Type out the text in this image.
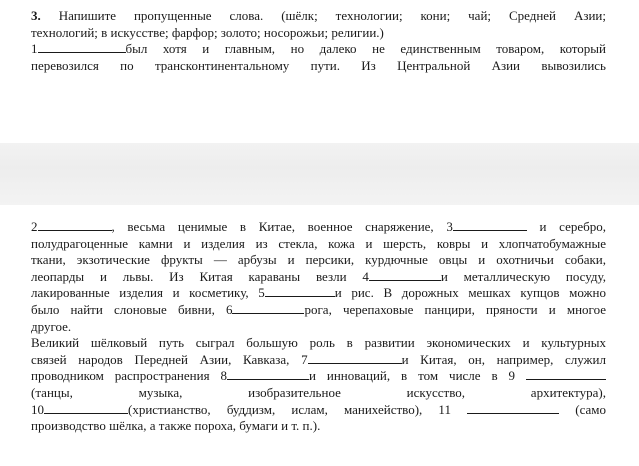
3. Напишите пропущенные слова. (шёлк; технологии; кони; чай; Средней Азии;
технологий; в искусстве; фарфор; золото; носорожьи; религии.)
1	был хотя и главным, но далеко не единственным товаром, который
перевозился по трансконтинентальному пути. Из Центральной Азии вывозились
2	, весьма ценимые в Китае, военное снаряжение, 3	и серебро,
полудрагоценные камни и изделия из стекла, кожа и шерсть, ковры и хлопчатобумажные
ткани, экзотические фрукты — арбузы и персики, курдючные овцы и охотничьи собаки,
леопарды и львы. Из Китая караваны везли 4	и металлическую посуду,
лакированные изделия и косметику, 5	и рис. В дорожных мешках купцов можно
было найти слоновые бивни, 6	рога, черепаховые панцири, пряности и многое
другое.
Великий шёлковый путь сыграл большую роль в развитии экономических и культурных
связей народов Передней Азии, Кавказа, 7	и Китая, он, например, служил
проводником распространения 8	и инноваций, в том числе в 9
(танцы, музыка, изобразительное искусство, архитектура),
10	(христианство, буддизм, ислам, манихейство), 11	(само
производство шёлка, а также пороха, бумаги и т. п.).
